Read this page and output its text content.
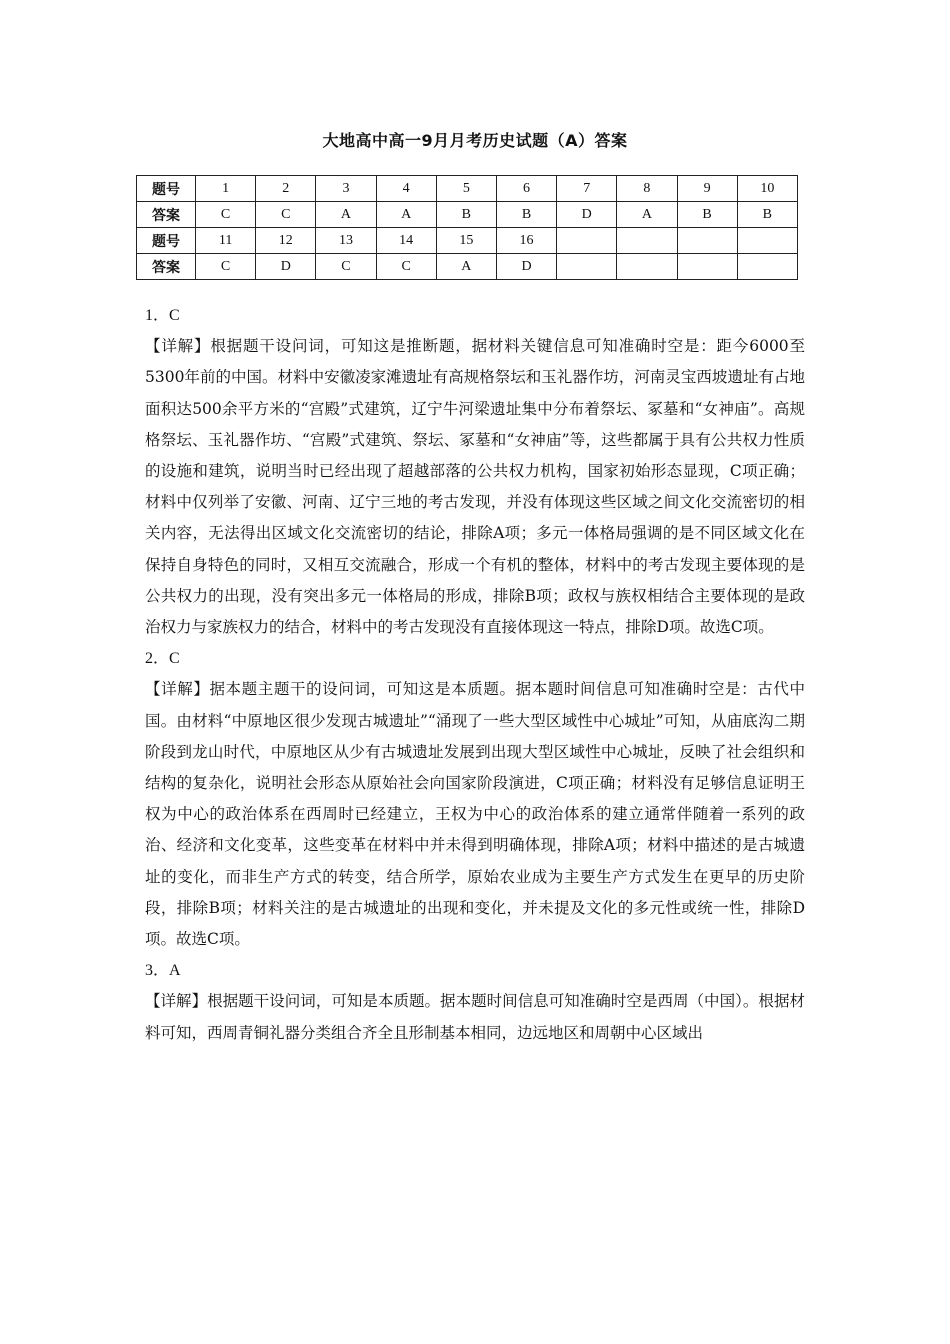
大地高中高一9月月考历史试题（A）答案
题号	1	2	3	4	5	6	7	8	9	10
答案	C	C	A	A	B	B	D	A	B	B
题号	11	12	13	14	15	16				
答案	C	D	C	C	A	D				

1．C

【详解】根据题干设问词，可知这是推断题，据材料关键信息可知准确时空是：距今6000至5300年前的中国。材料中安徽凌家滩遗址有高规格祭坛和玉礼器作坊，河南灵宝西坡遗址有占地面积达500余平方米的“宫殿”式建筑，辽宁牛河梁遗址集中分布着祭坛、冢墓和“女神庙”。高规格祭坛、玉礼器作坊、“宫殿”式建筑、祭坛、冢墓和“女神庙”等，这些都属于具有公共权力性质的设施和建筑，说明当时已经出现了超越部落的公共权力机构，国家初始形态显现，C项正确；材料中仅列举了安徽、河南、辽宁三地的考古发现，并没有体现这些区域之间文化交流密切的相关内容，无法得出区域文化交流密切的结论，排除A项；多元一体格局强调的是不同区域文化在保持自身特色的同时，又相互交流融合，形成一个有机的整体，材料中的考古发现主要体现的是公共权力的出现，没有突出多元一体格局的形成，排除B项；政权与族权相结合主要体现的是政治权力与家族权力的结合，材料中的考古发现没有直接体现这一特点，排除D项。故选C项。

2．C

【详解】据本题主题干的设问词，可知这是本质题。据本题时间信息可知准确时空是：古代中国。由材料“中原地区很少发现古城遗址”“涌现了一些大型区域性中心城址”可知，从庙底沟二期阶段到龙山时代，中原地区从少有古城遗址发展到出现大型区域性中心城址，反映了社会组织和结构的复杂化，说明社会形态从原始社会向国家阶段演进，C项正确；材料没有足够信息证明王权为中心的政治体系在西周时已经建立，王权为中心的政治体系的建立通常伴随着一系列的政治、经济和文化变革，这些变革在材料中并未得到明确体现，排除A项；材料中描述的是古城遗址的变化，而非生产方式的转变，结合所学，原始农业成为主要生产方式发生在更早的历史阶段，排除B项；材料关注的是古城遗址的出现和变化，并未提及文化的多元性或统一性，排除D项。故选C项。

3．A

【详解】根据题干设问词，可知是本质题。据本题时间信息可知准确时空是西周（中国）。根据材料可知，西周青铜礼器分类组合齐全且形制基本相同，边远地区和周朝中心区域出
